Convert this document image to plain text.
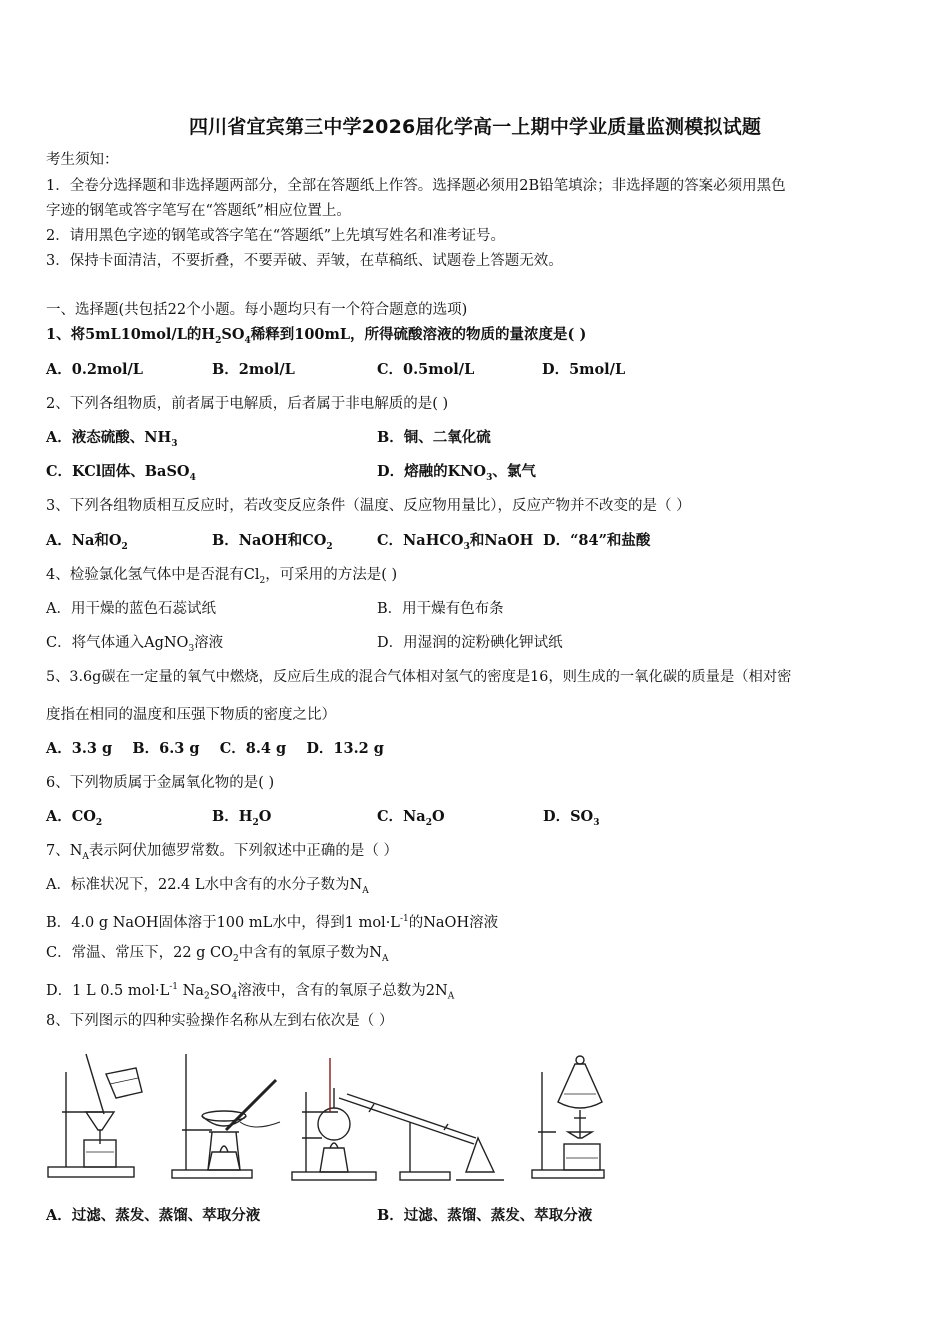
四川省宜宾第三中学2026届化学高一上期中学业质量监测模拟试题
考生须知：
1．全卷分选择题和非选择题两部分，全部在答题纸上作答。选择题必须用2B铅笔填涂；非选择题的答案必须用黑色
字迹的钢笔或答字笔写在“答题纸”相应位置上。
2．请用黑色字迹的钢笔或答字笔在“答题纸”上先填写姓名和准考证号。
3．保持卡面清洁，不要折叠，不要弄破、弄皱，在草稿纸、试题卷上答题无效。
一、选择题(共包括22个小题。每小题均只有一个符合题意的选项)
1、将5mL10mol/L的$H_2SO_4$稀释到100mL，所得硫酸溶液的物质的量浓度是( )
A．0.2mol/L	B．2mol/L	C．0.5mol/L	D．5mol/L
2、下列各组物质，前者属于电解质，后者属于非电解质的是( )
A．液态硫酸、$NH_3$	B．铜、二氧化硫
C．KCl固体、BaSO$_4$	D．熔融的$KNO_3$、氯气
3、下列各组物质相互反应时，若改变反应条件（温度、反应物用量比），反应产物并不改变的是（ ）
A．Na和$O_2$	B．NaOH和$CO_2$	C．NaHCO$_3$和NaOH D．“84”和盐酸
4、检验氯化氢气体中是否混有$Cl_2$，可采用的方法是( )
A．用干燥的蓝色石蕊试纸	B．用干燥有色布条
C．将气体通入AgNO$_3$溶液	D．用湿润的淀粉碘化钾试纸
5、3.6g碳在一定量的氧气中燃烧，反应后生成的混合气体相对氢气的密度是16，则生成的一氧化碳的质量是（相对密
度指在相同的温度和压强下物质的密度之比）
A．3.3 g    B．6.3 g    C．8.4 g    D．13.2 g
6、下列物质属于金属氧化物的是( )
A．$CO_2$	B．$H_2O$	C．$Na_2O$	D．$SO_3$
7、$N_A$表示阿伏加德罗常数。下列叙述中正确的是（ ）
A．标准状况下，22.4 L水中含有的水分子数为$N_A$
B．4.0 g NaOH固体溶于100 mL水中，得到1 $mol\cdot L^{-1}$的NaOH溶液
C．常温、常压下，22 g $CO_2$中含有的氧原子数为$N_A$
D．1 L 0.5 $mol\cdot L^{-1}$ $Na_2SO_4$溶液中，含有的氧原子总数为$2N_A$
8、下列图示的四种实验操作名称从左到右依次是（ ）
A．过滤、蒸发、蒸馏、萃取分液	B．过滤、蒸馏、蒸发、萃取分液
